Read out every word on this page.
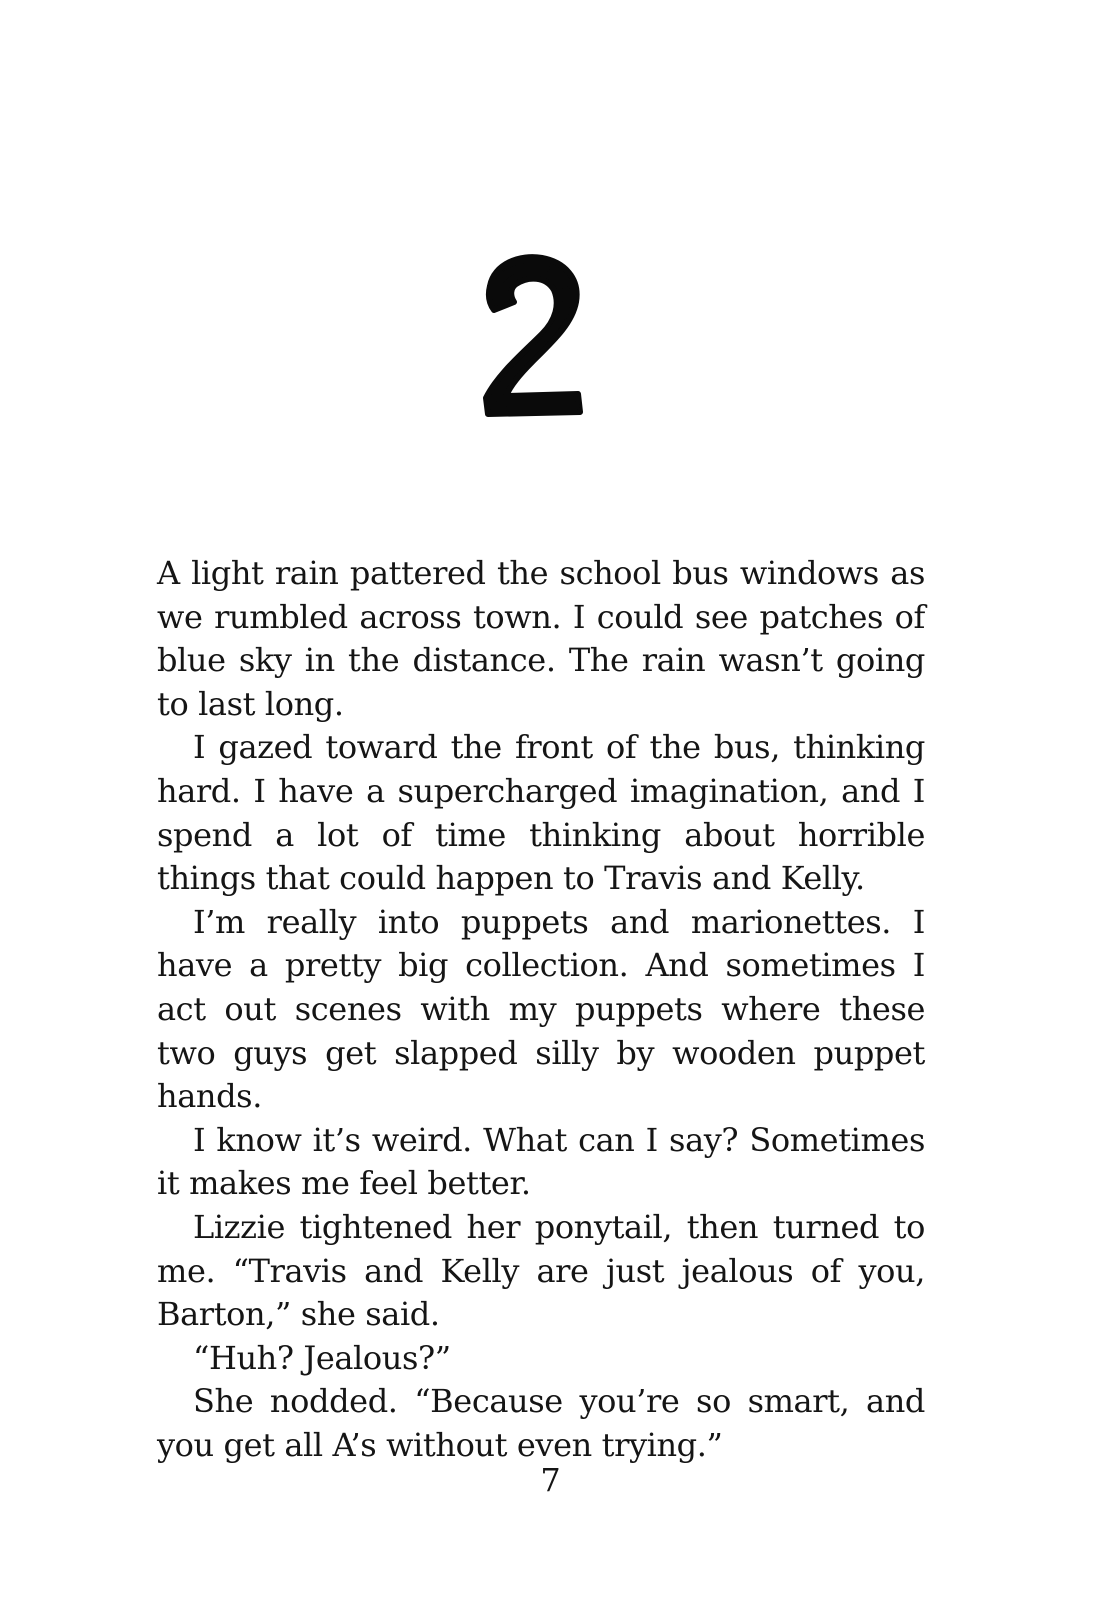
A light rain pattered the school bus windows as we rumbled across town. I could see patches of blue sky in the distance. The rain wasn’t going to last long.

I gazed toward the front of the bus, thinking hard. I have a supercharged imagination, and I spend a lot of time thinking about horrible things that could happen to Travis and Kelly.

I’m really into puppets and marionettes. I have a pretty big collection. And sometimes I act out scenes with my puppets where these two guys get slapped silly by wooden puppet hands.

I know it’s weird. What can I say? Sometimes it makes me feel better.

Lizzie tightened her ponytail, then turned to me. “Travis and Kelly are just jealous of you, Barton,” she said.

“Huh? Jealous?”

She nodded. “Because you’re so smart, and you get all A’s without even trying.”

7
